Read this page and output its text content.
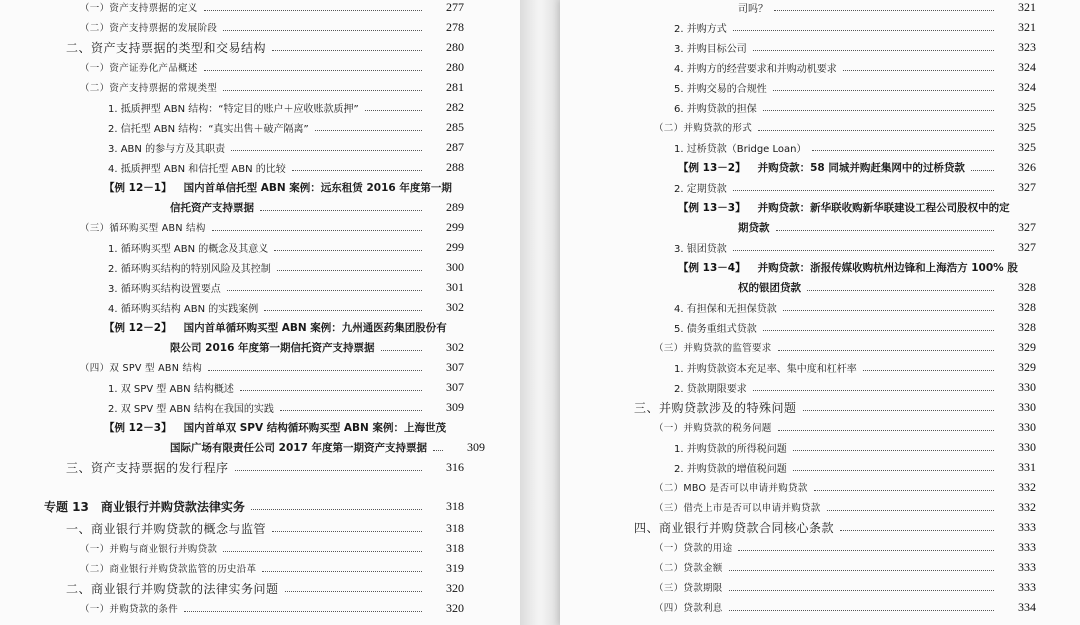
（一）资产支持票据的定义	277
（二）资产支持票据的发展阶段	278
二、资产支持票据的类型和交易结构	280
（一）资产证券化产品概述	280
（二）资产支持票据的常规类型	281
1. 抵质押型 ABN 结构：“特定目的账户＋应收账款质押”	282
2. 信托型 ABN 结构：“真实出售＋破产隔离”	285
3. ABN 的参与方及其职责	287
4. 抵质押型 ABN 和信托型 ABN 的比较	288
【例 12－1】 国内首单信托型 ABN 案例：远东租赁 2016 年度第一期
信托资产支持票据	289
（三）循环购买型 ABN 结构	299
1. 循环购买型 ABN 的概念及其意义	299
2. 循环购买结构的特别风险及其控制	300
3. 循环购买结构设置要点	301
4. 循环购买结构 ABN 的实践案例	302
【例 12－2】 国内首单循环购买型 ABN 案例：九州通医药集团股份有
限公司 2016 年度第一期信托资产支持票据	302
（四）双 SPV 型 ABN 结构	307
1. 双 SPV 型 ABN 结构概述	307
2. 双 SPV 型 ABN 结构在我国的实践	309
【例 12－3】 国内首单双 SPV 结构循环购买型 ABN 案例：上海世茂
国际广场有限责任公司 2017 年度第一期资产支持票据	309
三、资产支持票据的发行程序	316
专题 13　商业银行并购贷款法律实务	318
一、商业银行并购贷款的概念与监管	318
（一）并购与商业银行并购贷款	318
（二）商业银行并购贷款监管的历史沿革	319
二、商业银行并购贷款的法律实务问题	320
（一）并购贷款的条件	320
司吗？	321
2. 并购方式	321
3. 并购目标公司	323
4. 并购方的经营要求和并购动机要求	324
5. 并购交易的合规性	324
6. 并购贷款的担保	325
（二）并购贷款的形式	325
1. 过桥贷款（Bridge Loan）	325
【例 13－2】 并购贷款：58 同城并购赶集网中的过桥贷款	326
2. 定期贷款	327
【例 13－3】 并购贷款：新华联收购新华联建设工程公司股权中的定
期贷款	327
3. 银团贷款	327
【例 13－4】 并购贷款：浙报传媒收购杭州边锋和上海浩方 100% 股
权的银团贷款	328
4. 有担保和无担保贷款	328
5. 债务重组式贷款	328
（三）并购贷款的监管要求	329
1. 并购贷款资本充足率、集中度和杠杆率	329
2. 贷款期限要求	330
三、并购贷款涉及的特殊问题	330
（一）并购贷款的税务问题	330
1. 并购贷款的所得税问题	330
2. 并购贷款的增值税问题	331
（二）MBO 是否可以申请并购贷款	332
（三）借壳上市是否可以申请并购贷款	332
四、商业银行并购贷款合同核心条款	333
（一）贷款的用途	333
（二）贷款金额	333
（三）贷款期限	333
（四）贷款利息	334
